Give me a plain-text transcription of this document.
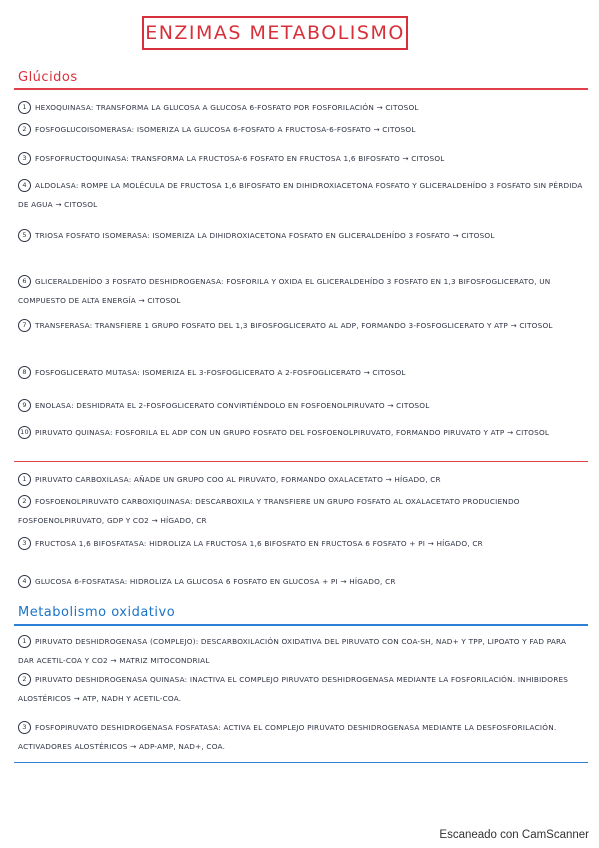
ENZIMAS METABOLISMO
Glúcidos
1 HEXOQUINASA: TRANSFORMA LA GLUCOSA A GLUCOSA 6-FOSFATO POR FOSFORILACIÓN → CITOSOL
2 FOSFOGLUCOISOMERASA: ISOMERIZA LA GLUCOSA 6-FOSFATO A FRUCTOSA-6-FOSFATO → CITOSOL
3 FOSFOFRUCTOQUINASA: TRANSFORMA LA FRUCTOSA-6 FOSFATO EN FRUCTOSA 1,6 BIFOSFATO → CITOSOL
4 ALDOLASA: ROMPE LA MOLÉCULA DE FRUCTOSA 1,6 BIFOSFATO EN DIHIDROXIACETONA FOSFATO Y GLICERALDEHÍDO 3 FOSFATO SIN PÉRDIDA DE AGUA → CITOSOL
5 TRIOSA FOSFATO ISOMERASA: ISOMERIZA LA DIHIDROXIACETONA FOSFATO EN GLICERALDEHÍDO 3 FOSFATO → CITOSOL
6 GLICERALDEHÍDO 3 FOSFATO DESHIDROGENASA: FOSFORILA Y OXIDA EL GLICERALDEHÍDO 3 FOSFATO EN 1,3 BIFOSFOGLICERATO, UN COMPUESTO DE ALTA ENERGÍA → CITOSOL
7 TRANSFERASA: TRANSFIERE 1 GRUPO FOSFATO DEL 1,3 BIFOSFOGLICERATO AL ADP, FORMANDO 3-FOSFOGLICERATO Y ATP → CITOSOL
8 FOSFOGLICERATO MUTASA: ISOMERIZA EL 3-FOSFOGLICERATO A 2-FOSFOGLICERATO → CITOSOL
9 ENOLASA: DESHIDRATA EL 2-FOSFOGLICERATO CONVIRTIÉNDOLO EN FOSFOENOLPIRUVATO → CITOSOL
10 PIRUVATO QUINASA: FOSFORILA EL ADP CON UN GRUPO FOSFATO DEL FOSFOENOLPIRUVATO, FORMANDO PIRUVATO Y ATP → CITOSOL
1 PIRUVATO CARBOXILASA: AÑADE UN GRUPO COO AL PIRUVATO, FORMANDO OXALACETATO → HÍGADO, CR
2 FOSFOENOLPIRUVATO CARBOXIQUINASA: DESCARBOXILA Y TRANSFIERE UN GRUPO FOSFATO AL OXALACETATO PRODUCIENDO FOSFOENOLPIRUVATO, GDP Y CO2 → HÍGADO, CR
3 FRUCTOSA 1,6 BIFOSFATASA: HIDROLIZA LA FRUCTOSA 1,6 BIFOSFATO EN FRUCTOSA 6 FOSFATO + PI → HÍGADO, CR
4 GLUCOSA 6-FOSFATASA: HIDROLIZA LA GLUCOSA 6 FOSFATO EN GLUCOSA + PI → HÍGADO, CR
Metabolismo oxidativo
1 PIRUVATO DESHIDROGENASA (COMPLEJO): DESCARBOXILACIÓN OXIDATIVA DEL PIRUVATO CON COA-SH, NAD+ Y TPP, LIPOATO Y FAD PARA DAR ACETIL-COA Y CO2 → MATRIZ MITOCONDRIAL
2 PIRUVATO DESHIDROGENASA QUINASA: INACTIVA EL COMPLEJO PIRUVATO DESHIDROGENASA MEDIANTE LA FOSFORILACIÓN. INHIBIDORES ALOSTÉRICOS → ATP, NADH Y ACETIL-COA.
3 FOSFOPIRUVATO DESHIDROGENASA FOSFATASA: ACTIVA EL COMPLEJO PIRUVATO DESHIDROGENASA MEDIANTE LA DESFOSFORILACIÓN. ACTIVADORES ALOSTÉRICOS → ADP-AMP, NAD+, COA.
Escaneado con CamScanner
